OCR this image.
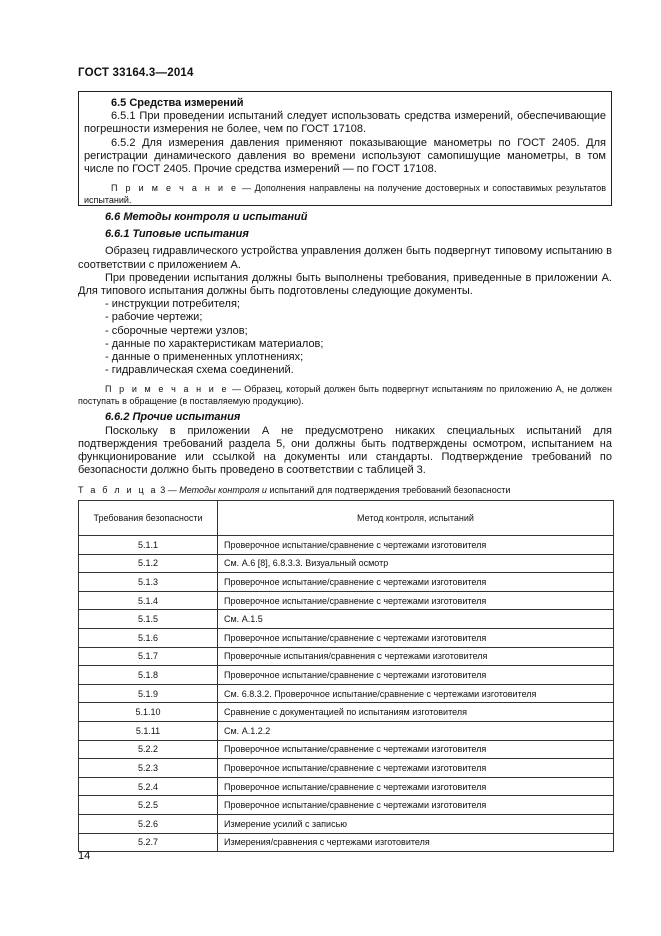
ГОСТ 33164.3—2014

6.5 Средства измерений

6.5.1 При проведении испытаний следует использовать средства измерений, обеспечивающие погрешности измерения не более, чем по ГОСТ 17108.

6.5.2 Для измерения давления применяют показывающие манометры по ГОСТ 2405. Для регистрации динамического давления во времени используют самопишущие манометры, в том числе по ГОСТ 2405. Прочие средства измерений — по ГОСТ 17108.

П р и м е ч а н и е — Дополнения направлены на получение достоверных и сопоставимых результатов испытаний.

6.6 Методы контроля и испытаний

6.6.1 Типовые испытания

Образец гидравлического устройства управления должен быть подвергнут типовому испытанию в соответствии с приложением А.

При проведении испытания должны быть выполнены требования, приведенные в приложении А. Для типового испытания должны быть подготовлены следующие документы.

- инструкции потребителя;

- рабочие чертежи;

- сборочные чертежи узлов;

- данные по характеристикам материалов;

- данные о примененных уплотнениях;

- гидравлическая схема соединений.

П р и м е ч а н и е — Образец, который должен быть подвергнут испытаниям по приложению А, не должен поступать в обращение (в поставляемую продукцию).

6.6.2 Прочие испытания

Поскольку в приложении А не предусмотрено никаких специальных испытаний для подтверждения требований раздела 5, они должны быть подтверждены осмотром, испытанием на функционирование или ссылкой на документы или стандарты. Подтверждение требований по безопасности должно быть проведено в соответствии с таблицей 3.

Т а б л и ц а 3 — Методы контроля и испытаний для подтверждения требований безопасности
Требования безопасности	Метод контроля, испытаний
5.1.1	Проверочное испытание/сравнение с чертежами изготовителя
5.1.2	См. А.6 [8], 6.8.3.3. Визуальный осмотр
5.1.3	Проверочное испытание/сравнение с чертежами изготовителя
5.1.4	Проверочное испытание/сравнение с чертежами изготовителя
5.1.5	См. А.1.5
5.1.6	Проверочное испытание/сравнение с чертежами изготовителя
5.1.7	Проверочные испытания/сравнения с чертежами изготовителя
5.1.8	Проверочное испытание/сравнение с чертежами изготовителя
5.1.9	См. 6.8.3.2. Проверочное испытание/сравнение с чертежами изготовителя
5.1.10	Сравнение с документацией по испытаниям изготовителя
5.1.11	См. А.1.2.2
5.2.2	Проверочное испытание/сравнение с чертежами изготовителя
5.2.3	Проверочное испытание/сравнение с чертежами изготовителя
5.2.4	Проверочное испытание/сравнение с чертежами изготовителя
5.2.5	Проверочное испытание/сравнение с чертежами изготовителя
5.2.6	Измерение усилий с записью
5.2.7	Измерения/сравнения с чертежами изготовителя
14
